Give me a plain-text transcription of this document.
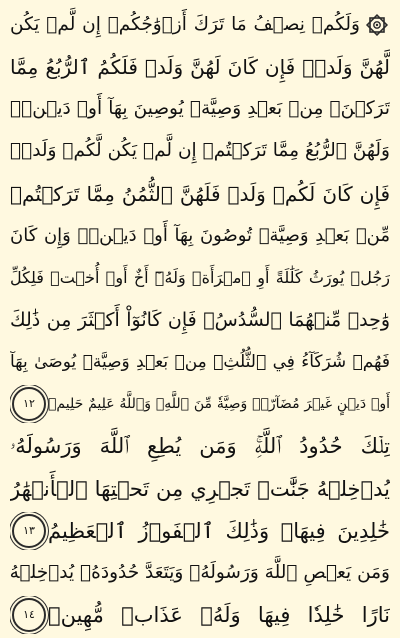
وَلَكُمۡ نِصۡفُ مَا تَرَكَ أَزۡوَٰجُكُمۡ إِن لَّمۡ يَكُن
لَّهُنَّ وَلَدٞۚ فَإِن كَانَ لَهُنَّ وَلَدٞ فَلَكُمُ ٱلرُّبُعُ مِمَّا
تَرَكۡنَۚ مِنۢ بَعۡدِ وَصِيَّةٖ يُوصِينَ بِهَآ أَوۡ دَيۡنٖۚ
وَلَهُنَّ ٱلرُّبُعُ مِمَّا تَرَكۡتُمۡ إِن لَّمۡ يَكُن لَّكُمۡ وَلَدٞۚ
فَإِن كَانَ لَكُمۡ وَلَدٞ فَلَهُنَّ ٱلثُّمُنُ مِمَّا تَرَكۡتُمۚ
مِّنۢ بَعۡدِ وَصِيَّةٖ تُوصُونَ بِهَآ أَوۡ دَيۡنٖۗ وَإِن كَانَ
رَجُلٞ يُورَثُ كَلَٰلَةً أَوِ ٱمۡرَأَةٞ وَلَهُۥٓ أَخٌ أَوۡ أُخۡتٞ فَلِكُلِّ
وَٰحِدٖ مِّنۡهُمَا ٱلسُّدُسُۚ فَإِن كَانُوٓاْ أَكۡثَرَ مِن ذَٰلِكَ
فَهُمۡ شُرَكَآءُ فِي ٱلثُّلُثِۚ مِنۢ بَعۡدِ وَصِيَّةٖ يُوصَىٰ بِهَآ
أَوۡ دَيۡنٍ غَيۡرَ مُضَآرّٖۚ وَصِيَّةٗ مِّنَ ٱللَّهِۗ وَٱللَّهُ عَلِيمٌ حَلِيمٞ
١٢
تِلۡكَ حُدُودُ ٱللَّهِۚ وَمَن يُطِعِ ٱللَّهَ وَرَسُولَهُۥ
يُدۡخِلۡهُ جَنَّٰتٖ تَجۡرِي مِن تَحۡتِهَا ٱلۡأَنۡهَٰرُ
خَٰلِدِينَ فِيهَاۚ وَذَٰلِكَ ٱلۡفَوۡزُ ٱلۡعَظِيمُ
١٣
وَمَن يَعۡصِ ٱللَّهَ وَرَسُولَهُۥ وَيَتَعَدَّ حُدُودَهُۥ يُدۡخِلۡهُ
نَارًا خَٰلِدٗا فِيهَا وَلَهُۥ عَذَابٞ مُّهِينٞ
١٤
